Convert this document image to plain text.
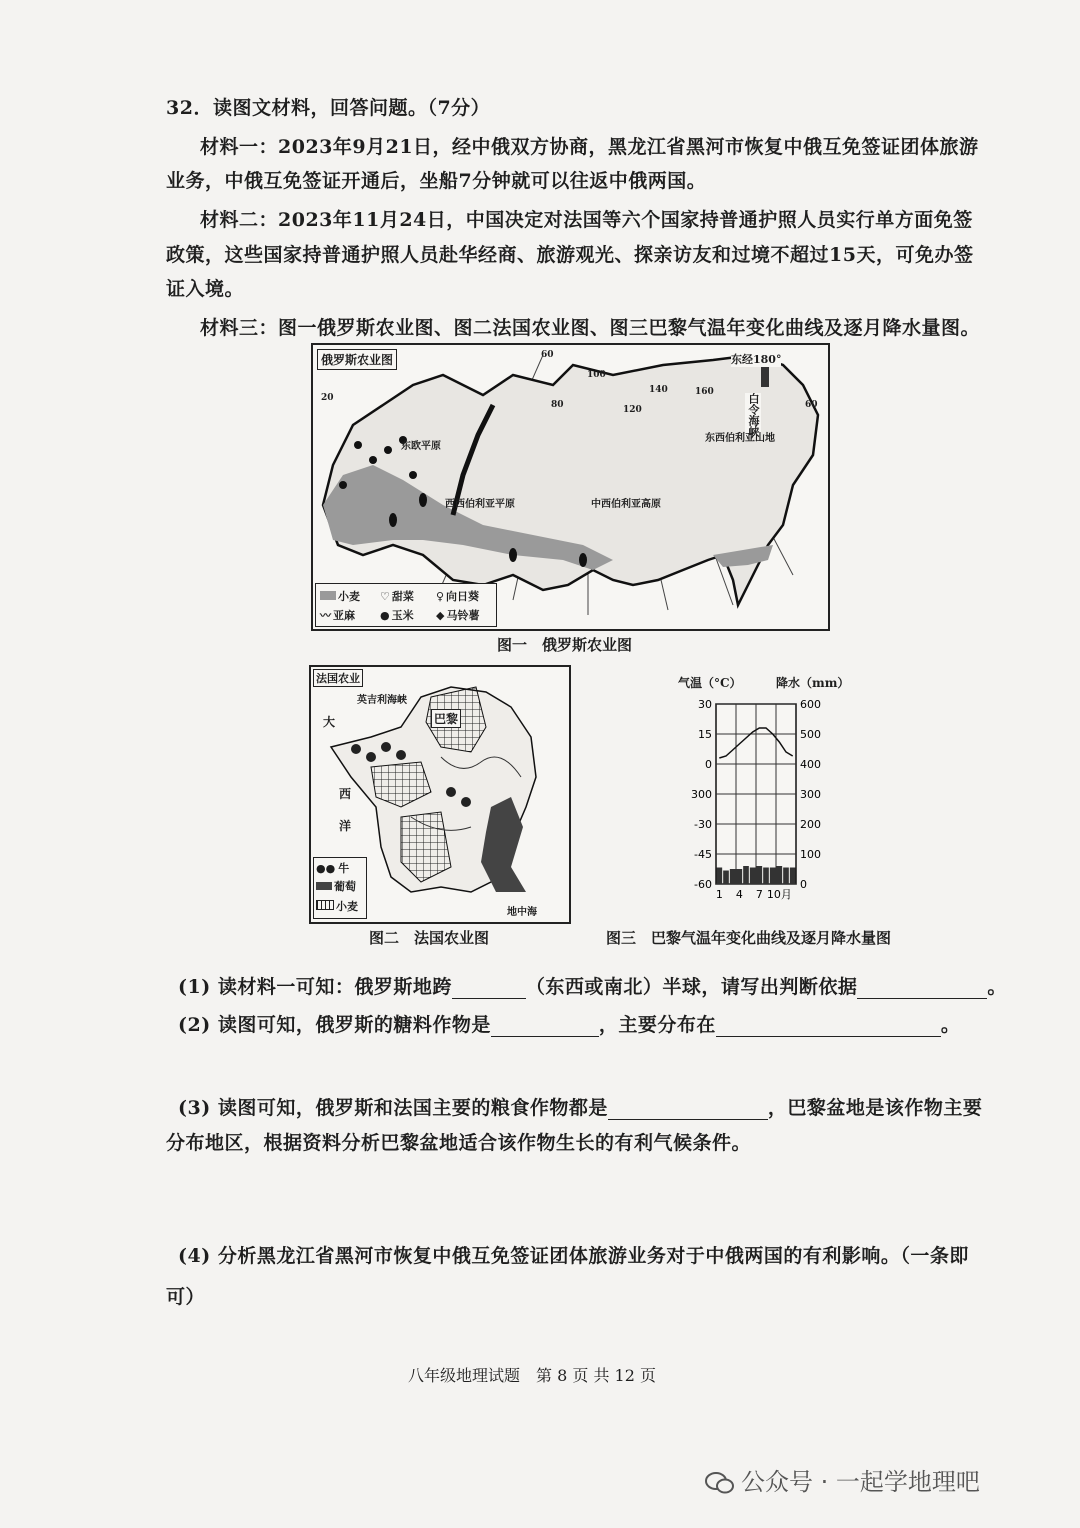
32．读图文材料，回答问题。（7分）
材料一：2023年9月21日，经中俄双方协商，黑龙江省黑河市恢复中俄互免签证团体旅游
业务，中俄互免签证开通后，坐船7分钟就可以往返中俄两国。
材料二：2023年11月24日，中国决定对法国等六个国家持普通护照人员实行单方面免签
政策，这些国家持普通护照人员赴华经商、旅游观光、探亲访友和过境不超过15天，可免办签
证入境。
材料三：图一俄罗斯农业图、图二法国农业图、图三巴黎气温年变化曲线及逐月降水量图。
俄罗斯农业图	东经180°
白令海峡
东欧平原
西西伯利亚平原	中西伯利亚高原
东西伯利亚山地
60
80
100
120
140	160
60
20
小麦 ♡ 甜菜 ♀ 向日葵
〰 亚麻 ● 玉米 ◆ 马铃薯
图一　俄罗斯农业图
法国农业
英吉利海峡
巴黎
大
西
洋
地中海
●● 牛
葡萄
小麦
图二　法国农业图
30	600
15	500
0	400
300	300
-30	200
-45	100
-60	0
1 4 7 10月
气温（°C）	降水（mm）
图三　巴黎气温年变化曲线及逐月降水量图
(1) 读材料一可知：俄罗斯地跨	（东西或南北）半球，请写出判断依据	。
(2) 读图可知，俄罗斯的糖料作物是	，主要分布在	。
(3) 读图可知，俄罗斯和法国主要的粮食作物都是	，巴黎盆地是该作物主要
分布地区，根据资料分析巴黎盆地适合该作物生长的有利气候条件。
(4) 分析黑龙江省黑河市恢复中俄互免签证团体旅游业务对于中俄两国的有利影响。（一条即
可）
八年级地理试题　第 8 页 共 12 页
公众号 · 一起学地理吧
